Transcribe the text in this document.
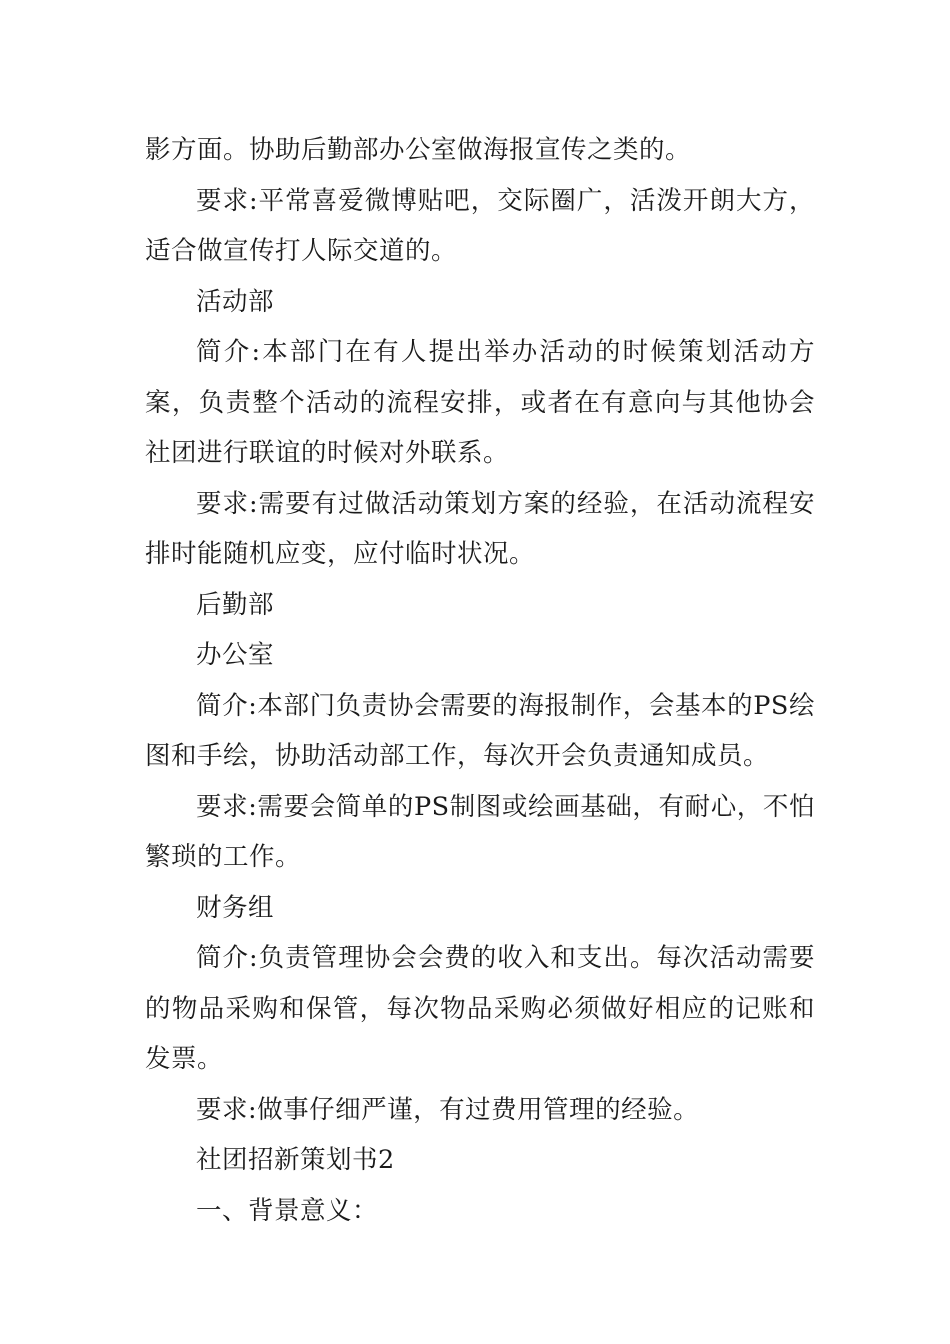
影方面。协助后勤部办公室做海报宣传之类的。

要求:平常喜爱微博贴吧，交际圈广，活泼开朗大方，适合做宣传打人际交道的。

活动部

简介:本部门在有人提出举办活动的时候策划活动方案，负责整个活动的流程安排，或者在有意向与其他协会社团进行联谊的时候对外联系。

要求:需要有过做活动策划方案的经验，在活动流程安排时能随机应变，应付临时状况。

后勤部

办公室

简介:本部门负责协会需要的海报制作，会基本的PS绘图和手绘，协助活动部工作，每次开会负责通知成员。

要求:需要会简单的PS制图或绘画基础，有耐心，不怕繁琐的工作。

财务组

简介:负责管理协会会费的收入和支出。每次活动需要的物品采购和保管，每次物品采购必须做好相应的记账和发票。

要求:做事仔细严谨，有过费用管理的经验。

社团招新策划书2

一、背景意义：
